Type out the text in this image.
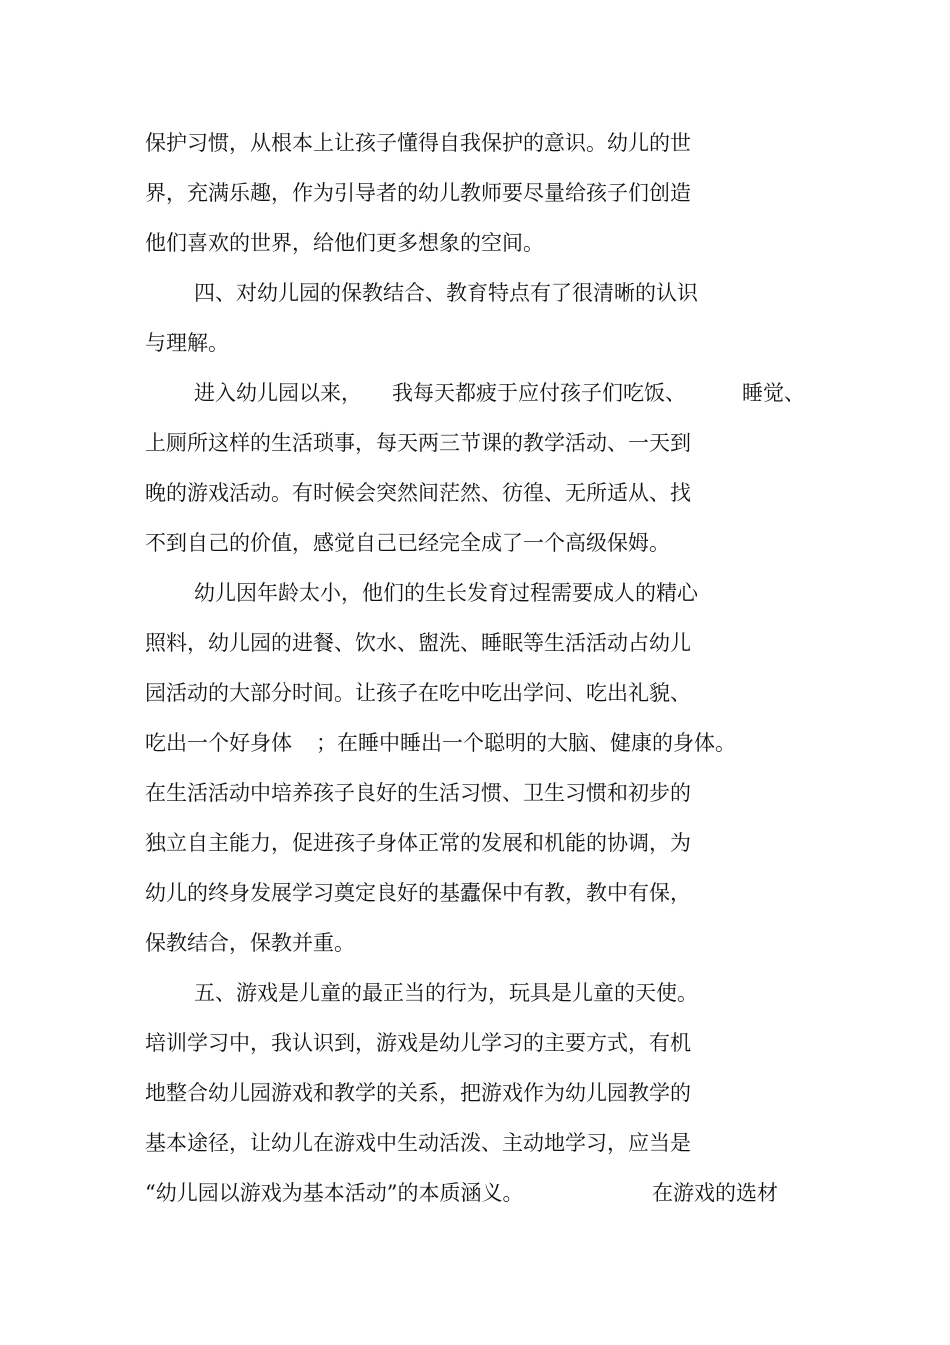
保护习惯，从根本上让孩子懂得自我保护的意识。幼儿的世
界，充满乐趣，作为引导者的幼儿教师要尽量给孩子们创造
他们喜欢的世界，给他们更多想象的空间。
四、对幼儿园的保教结合、教育特点有了很清晰的认识
与理解。
进入幼儿园以来， 我每天都疲于应付孩子们吃饭、	睡觉、
上厕所这样的生活琐事，每天两三节课的教学活动、一天到
晚的游戏活动。有时候会突然间茫然、彷徨、无所适从、找
不到自己的价值，感觉自己已经完全成了一个高级保姆。
幼儿因年龄太小，他们的生长发育过程需要成人的精心
照料，幼儿园的进餐、饮水、盥洗、睡眠等生活活动占幼儿
园活动的大部分时间。让孩子在吃中吃出学问、吃出礼貌、
吃出一个好身体 ；在睡中睡出一个聪明的大脑、健康的身体。
在生活活动中培养孩子良好的生活习惯、卫生习惯和初步的
独立自主能力，促进孩子身体正常的发展和机能的协调，为
幼儿的终身发展学习奠定良好的基蠹保中有教，教中有保，
保教结合，保教并重。
五、游戏是儿童的最正当的行为，玩具是儿童的天使。
培训学习中，我认识到，游戏是幼儿学习的主要方式，有机
地整合幼儿园游戏和教学的关系，把游戏作为幼儿园教学的
基本途径，让幼儿在游戏中生动活泼、主动地学习，应当是
“幼儿园以游戏为基本活动”的本质涵义。	在游戏的选材
